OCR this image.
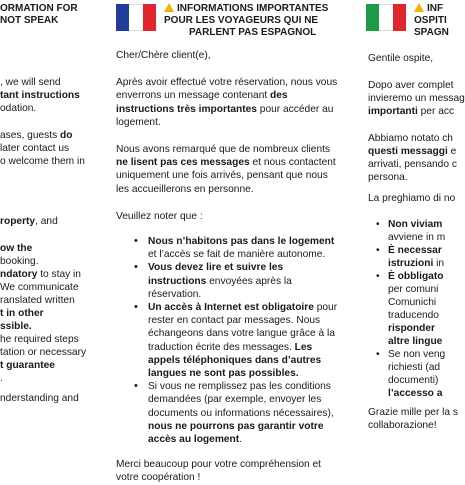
ORMATION FOR
NOT SPEAK
, we will send
tant instructions
odation.
ases, guests do
later contact us
o welcome them in
roperty, and
ow the
booking.
ndatory to stay in
We communicate
ranslated written
t in other
ssible.
he required steps
tation or necessary
t guarantee
.
nderstanding and
INFORMATIONS IMPORTANTES
POUR LES VOYAGEURS QUI NE
PARLENT PAS ESPAGNOL

Cher/Chère client(e),

Après avoir effectué votre réservation, nous vous enverrons un message contenant des instructions très importantes pour accéder au logement.

Nous avons remarqué que de nombreux clients ne lisent pas ces messages et nous contactent uniquement une fois arrivés, pensant que nous les accueillerons en personne.

Veuillez noter que :

• Nous n’habitons pas dans le logement et l’accès se fait de manière autonome.
• Vous devez lire et suivre les instructions envoyées après la réservation.
• Un accès à Internet est obligatoire pour rester en contact par messages. Nous échangeons dans votre langue grâce à la traduction écrite des messages. Les appels téléphoniques dans d’autres langues ne sont pas possibles.
• Si vous ne remplissez pas les conditions demandées (par exemple, envoyer les documents ou informations nécessaires), nous ne pourrons pas garantir votre accès au logement.

Merci beaucoup pour votre compréhension et votre coopération !

INF
OSPITI
SPAGN
Gentile ospite,
Dopo aver complet
invieremo un messag
importanti per acc
Abbiamo notato ch
questi messaggi e
arrivati, pensando c
persona.
La preghiamo di no
Non viviam
avviene in m
È necessar
istruzioni in
È obbligato
per comuni
Comunichi
traducendo
risponder
altre lingue
Se non veng
richiesti (ad
documenti)
l’accesso a
Grazie mille per la s
collaborazione!
•
•
•
•
